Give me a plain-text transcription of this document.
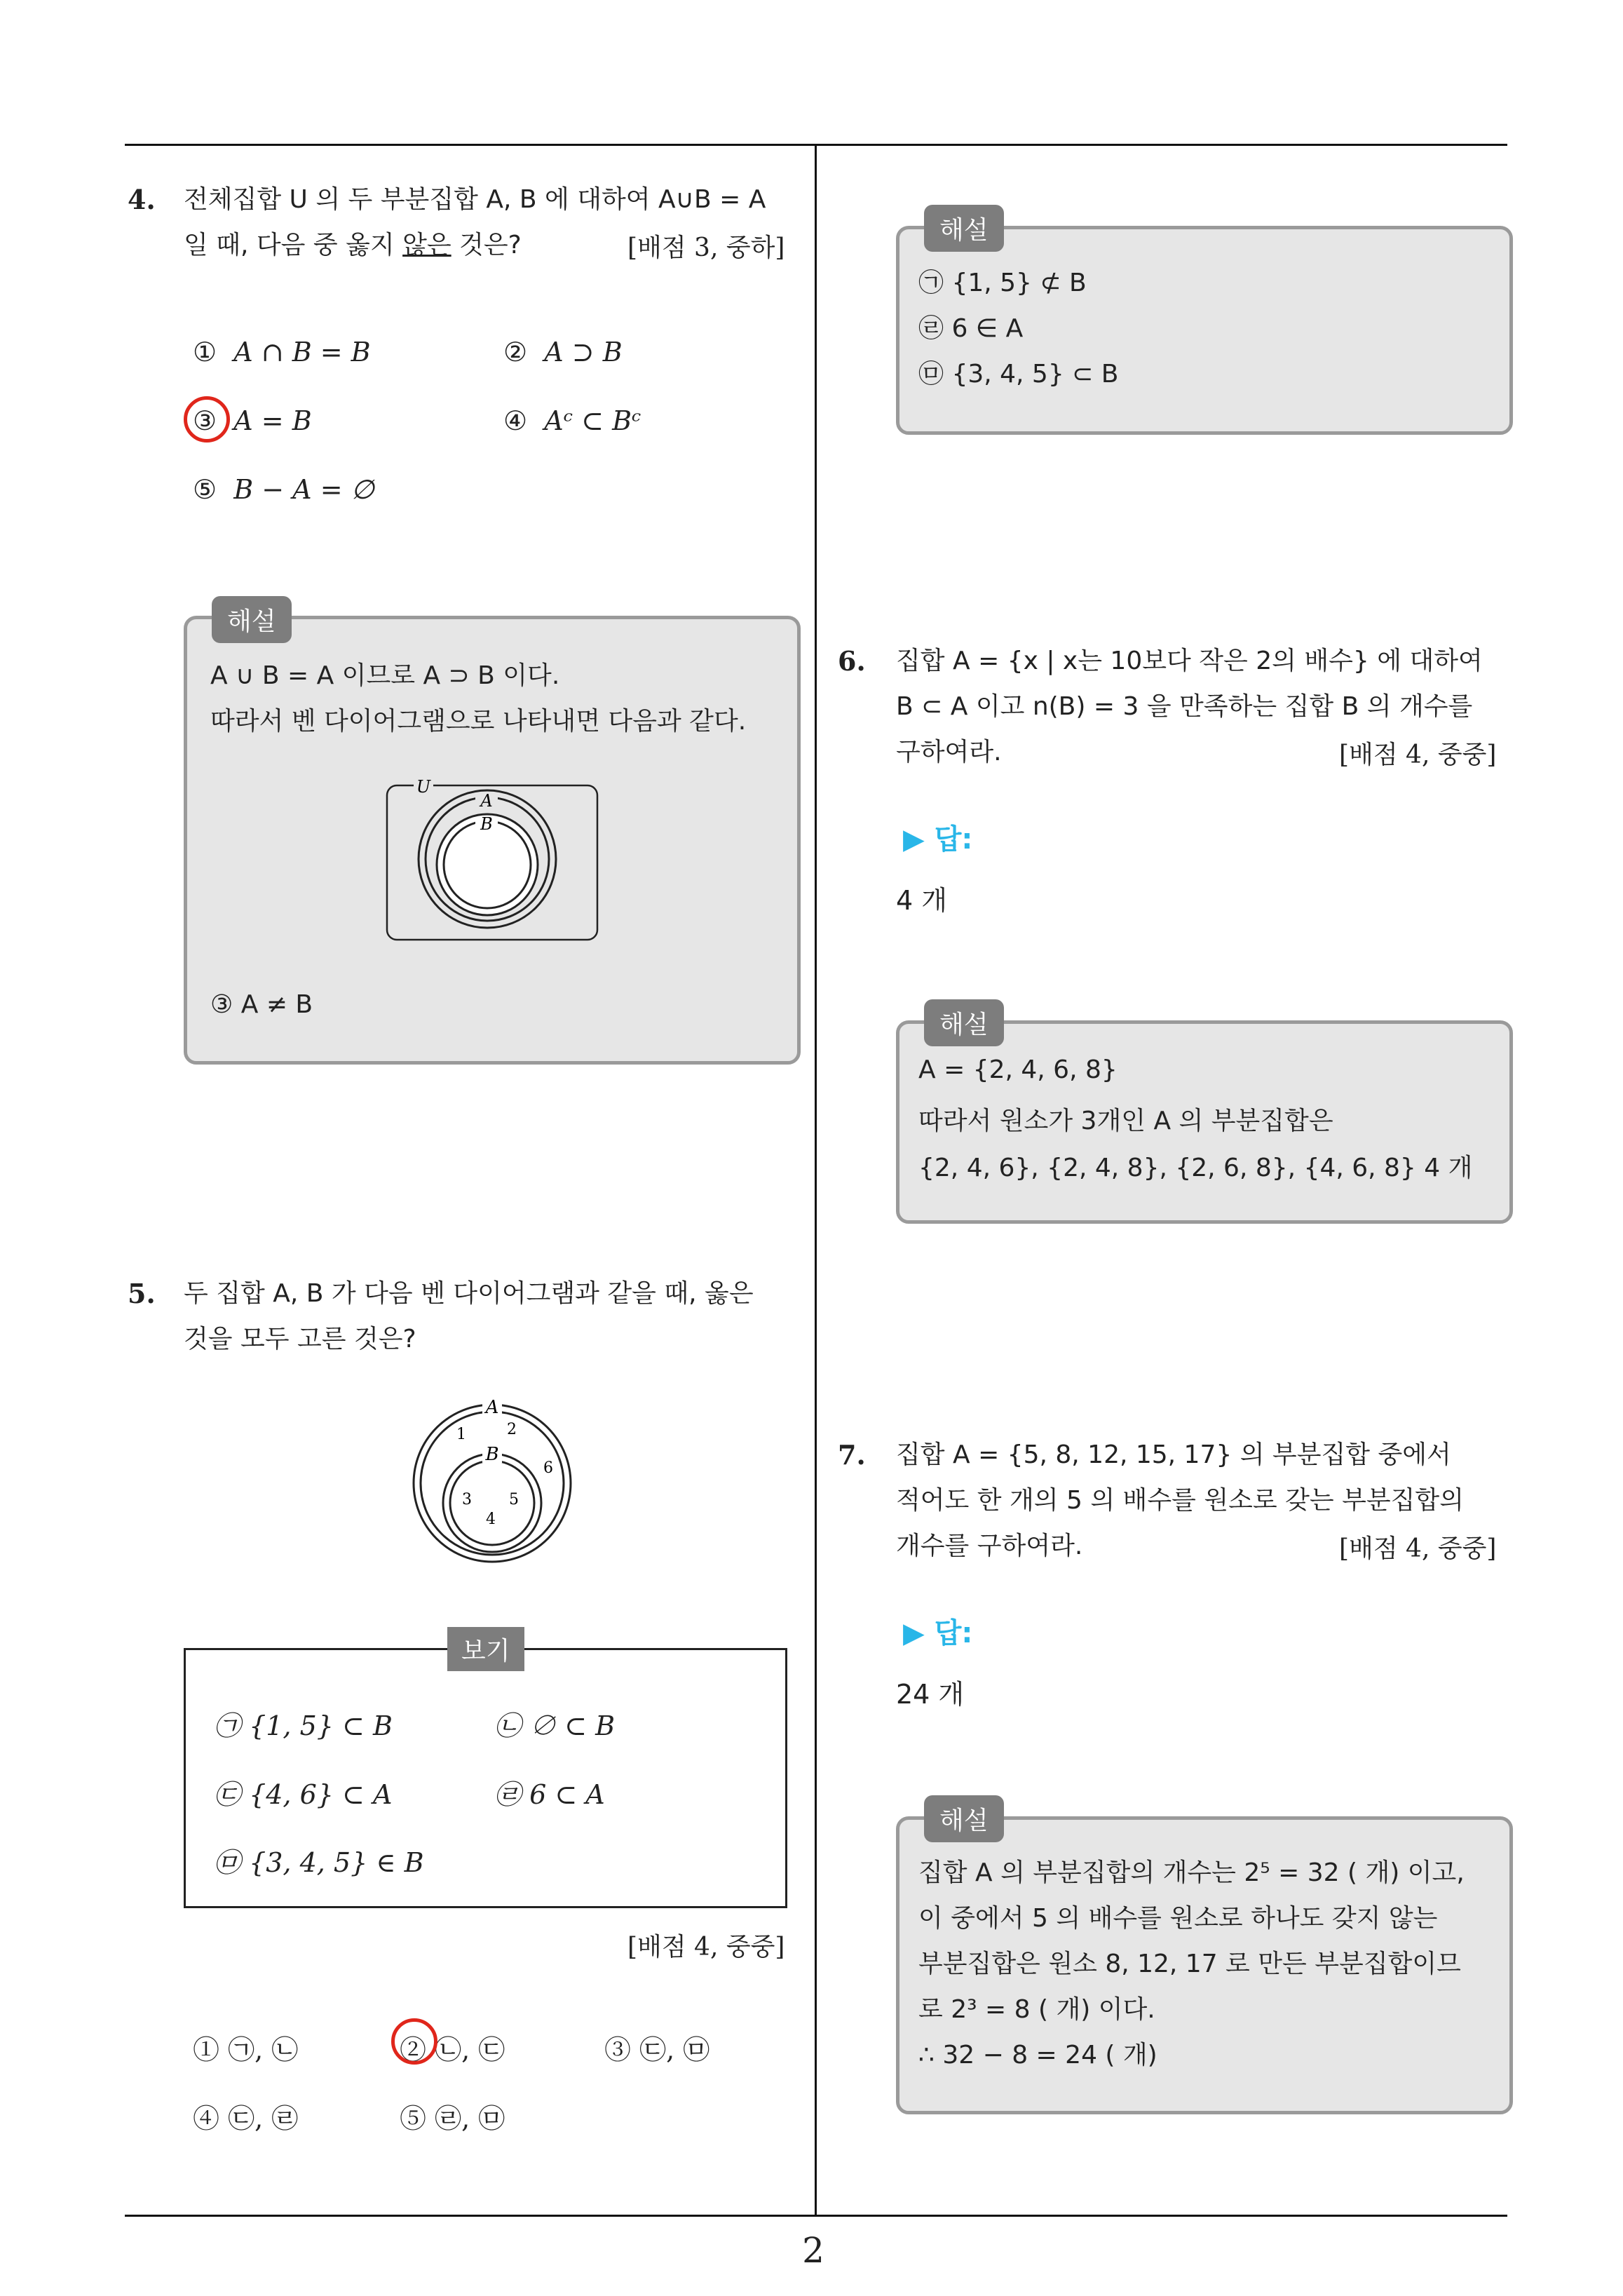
2
4. 전체집합 U 의 두 부분집합 A, B 에 대하여 A∪B = A
일 때, 다음 중 옳지 않은 것은?	[배점 3, 중하]
① A ∩ B = B	② A ⊃ B
③ A = B	④ Aᶜ ⊂ Bᶜ
⑤ B − A = ∅
해설
A ∪ B = A 이므로 A ⊃ B 이다.
따라서 벤 다이어그램으로 나타내면 다음과 같다.
U
A
B
③ A ≠ B
5. 두 집합 A, B 가 다음 벤 다이어그램과 같을 때, 옳은
것을 모두 고른 것은?
A
B
1	2
6
3 5
4
보기
㉠ {1, 5} ⊂ B	㉡ ∅ ⊂ B
㉢ {4, 6} ⊂ A	㉣ 6 ⊂ A
㉤ {3, 4, 5} ∈ B
[배점 4, 중중]
① ㉠, ㉡	② ㉡, ㉢	③ ㉢, ㉤
④ ㉢, ㉣	⑤ ㉣, ㉤
해설
㉠ {1, 5} ⊄ B
㉣ 6 ∈ A
㉤ {3, 4, 5} ⊂ B
6. 집합 A = {x | x는 10보다 작은 2의 배수} 에 대하여
B ⊂ A 이고 n(B) = 3 을 만족하는 집합 B 의 개수를
구하여라.	[배점 4, 중중]
▶ 답:
4 개
해설
A = {2, 4, 6, 8}
따라서 원소가 3개인 A 의 부분집합은
{2, 4, 6}, {2, 4, 8}, {2, 6, 8}, {4, 6, 8} 4 개
7. 집합 A = {5, 8, 12, 15, 17} 의 부분집합 중에서
적어도 한 개의 5 의 배수를 원소로 갖는 부분집합의
개수를 구하여라.	[배점 4, 중중]
▶ 답:
24 개
해설
집합 A 의 부분집합의 개수는 2⁵ = 32 ( 개) 이고,
이 중에서 5 의 배수를 원소로 하나도 갖지 않는
부분집합은 원소 8, 12, 17 로 만든 부분집합이므
로 2³ = 8 ( 개) 이다.
∴ 32 − 8 = 24 ( 개)
